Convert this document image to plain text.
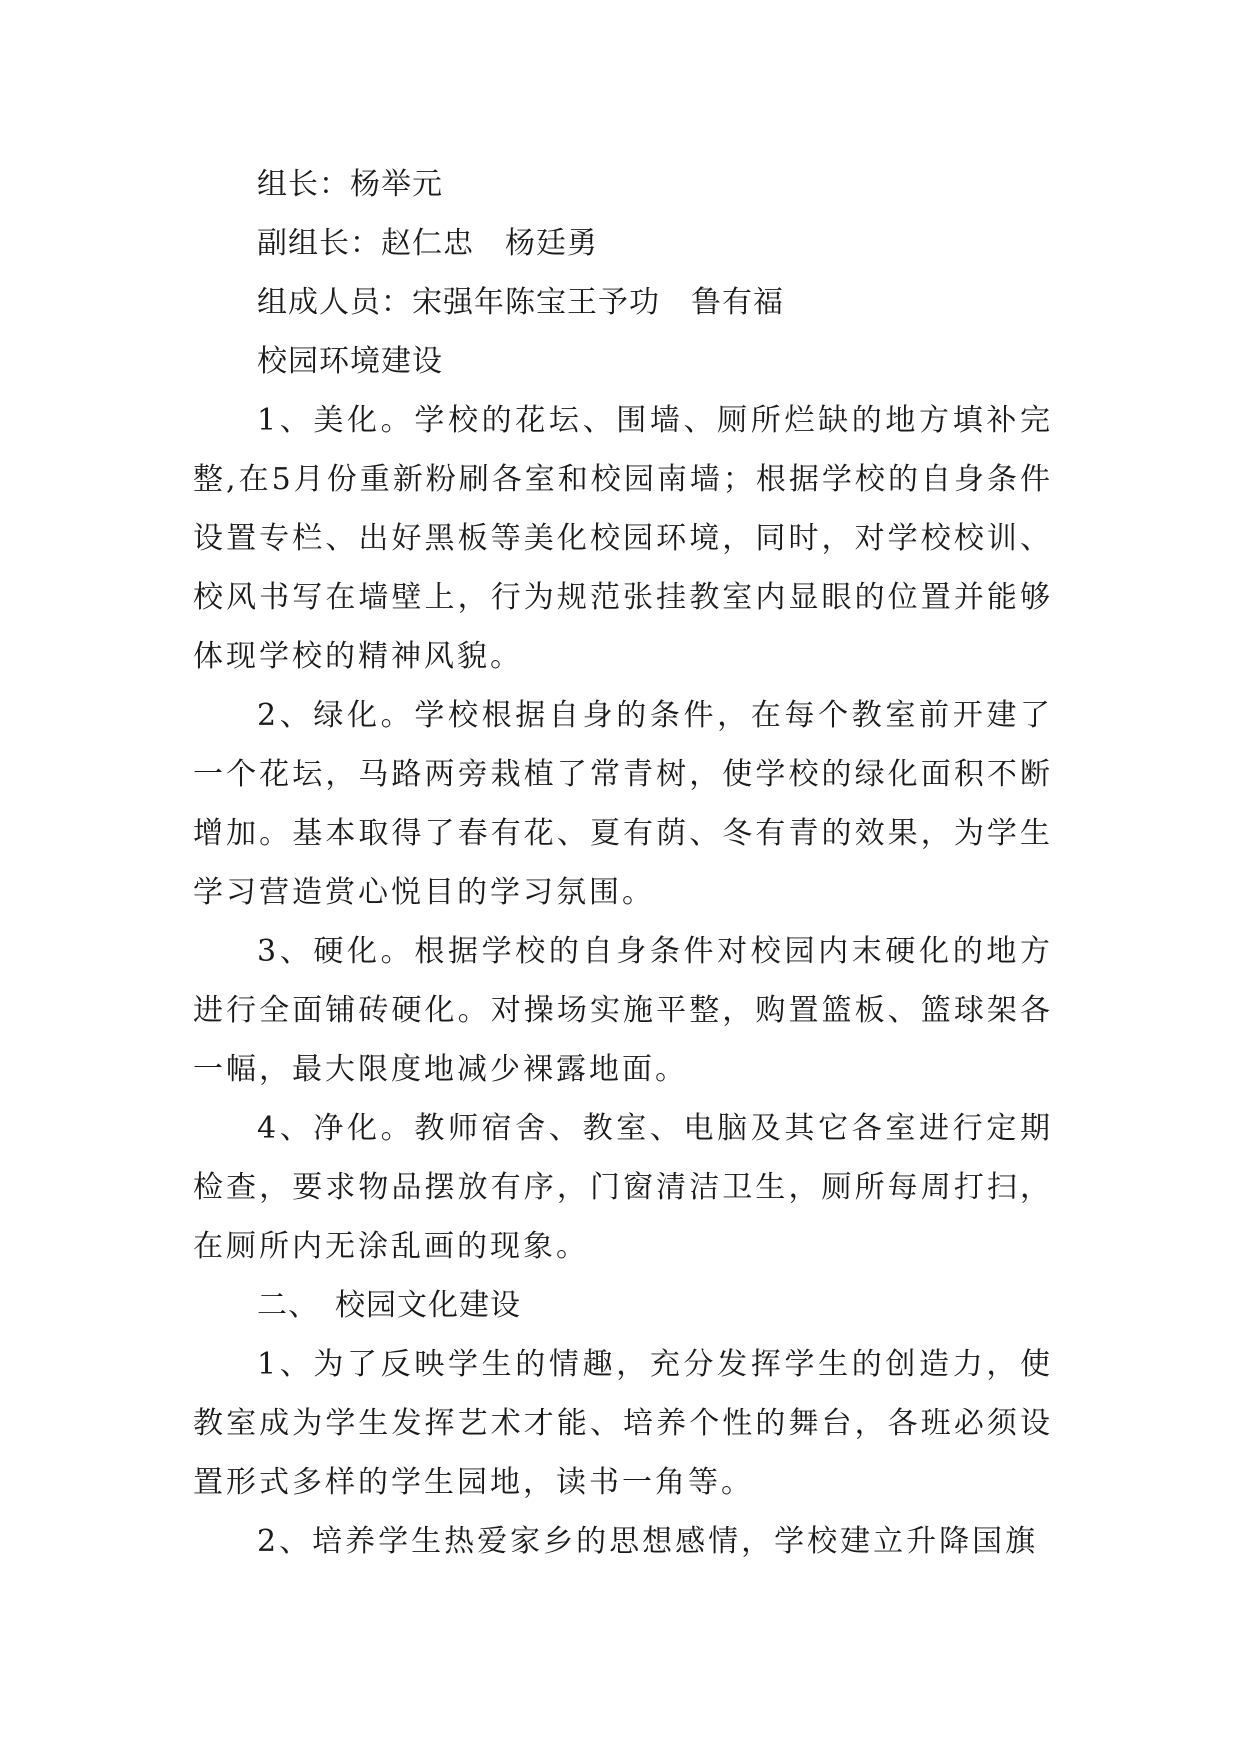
组长：杨举元

副组长：赵仁忠　杨廷勇

组成人员：宋强年陈宝王予功　鲁有福

校园环境建设

1、美化。学校的花坛、围墙、厕所烂缺的地方填补完整,在5月份重新粉刷各室和校园南墙；根据学校的自身条件设置专栏、出好黑板等美化校园环境，同时，对学校校训、校风书写在墙壁上，行为规范张挂教室内显眼的位置并能够体现学校的精神风貌。

2、绿化。学校根据自身的条件，在每个教室前开建了一个花坛，马路两旁栽植了常青树，使学校的绿化面积不断增加。基本取得了春有花、夏有荫、冬有青的效果，为学生学习营造赏心悦目的学习氛围。

3、硬化。根据学校的自身条件对校园内末硬化的地方进行全面铺砖硬化。对操场实施平整，购置篮板、篮球架各一幅，最大限度地减少裸露地面。

4、净化。教师宿舍、教室、电脑及其它各室进行定期检查，要求物品摆放有序，门窗清洁卫生，厕所每周打扫，在厕所内无涂乱画的现象。

二、　校园文化建设

1、为了反映学生的情趣，充分发挥学生的创造力，使教室成为学生发挥艺术才能、培养个性的舞台，各班必须设置形式多样的学生园地，读书一角等。

2、培养学生热爱家乡的思想感情，学校建立升降国旗
